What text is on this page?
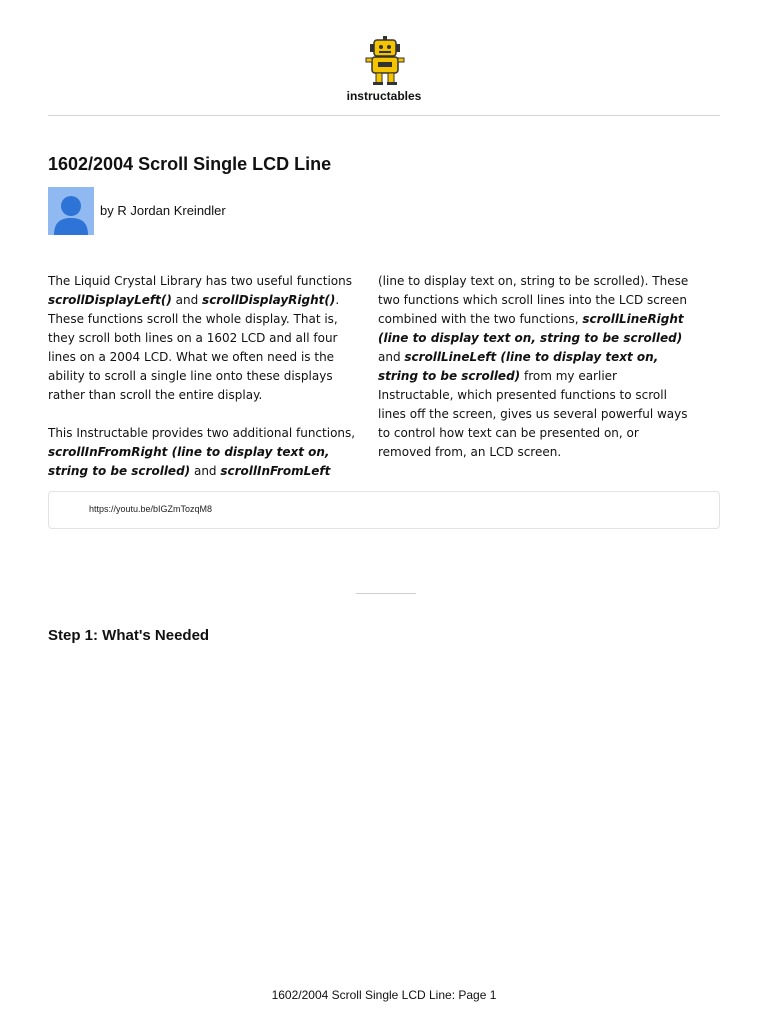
instructables
1602/2004 Scroll Single LCD Line
by R Jordan Kreindler

The Liquid Crystal Library has two useful functions scrollDisplayLeft() and scrollDisplayRight(). These functions scroll the whole display. That is, they scroll both lines on a 1602 LCD and all four lines on a 2004 LCD. What we often need is the ability to scroll a single line onto these displays rather than scroll the entire display.

This Instructable provides two additional functions, scrollInFromRight (line to display text on, string to be scrolled) and scrollInFromLeft

(line to display text on, string to be scrolled). These two functions which scroll lines into the LCD screen combined with the two functions, scrollLineRight (line to display text on, string to be scrolled) and scrollLineLeft (line to display text on, string to be scrolled) from my earlier Instructable, which presented functions to scroll lines off the screen, gives us several powerful ways to control how text can be presented on, or removed from, an LCD screen.

https://youtu.be/bIGZmTozqM8
Step 1: What's Needed
1602/2004 Scroll Single LCD Line: Page 1
